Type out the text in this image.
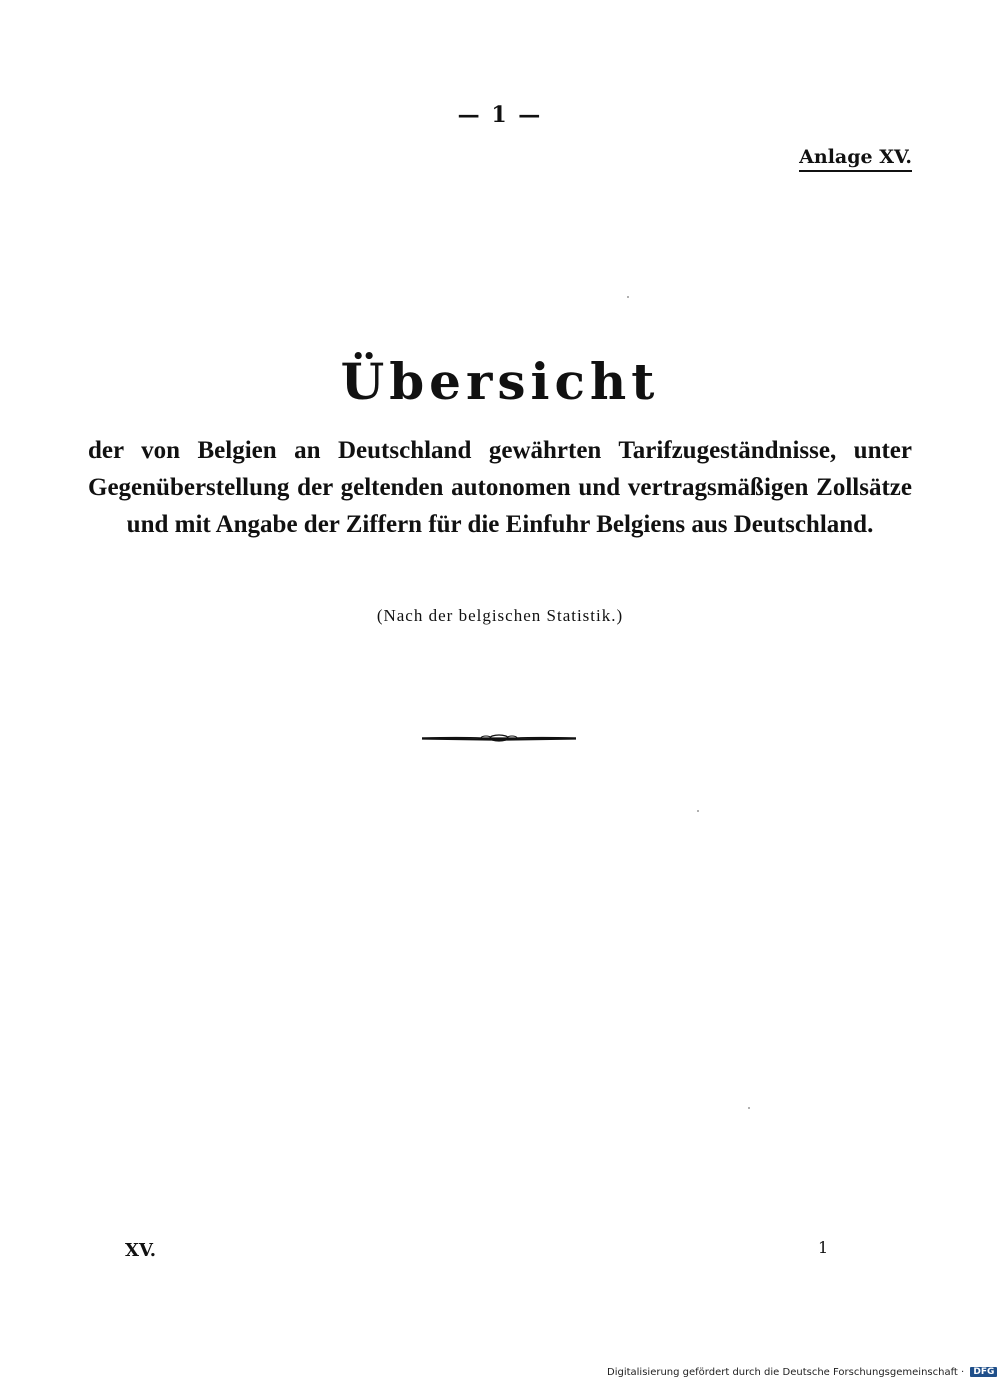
— 1 —
Anlage XV.
Übersicht

der von Belgien an Deutschland gewährten Tarifzugeständnisse, unter Gegenüberstellung der geltenden autonomen und vertragsmäßigen Zollsätze und mit Angabe der Ziffern für die Einfuhr Belgiens aus Deutschland.

(Nach der belgischen Statistik.)
XV.	1
Digitalisierung gefördert durch die Deutsche Forschungsgemeinschaft · DFG
